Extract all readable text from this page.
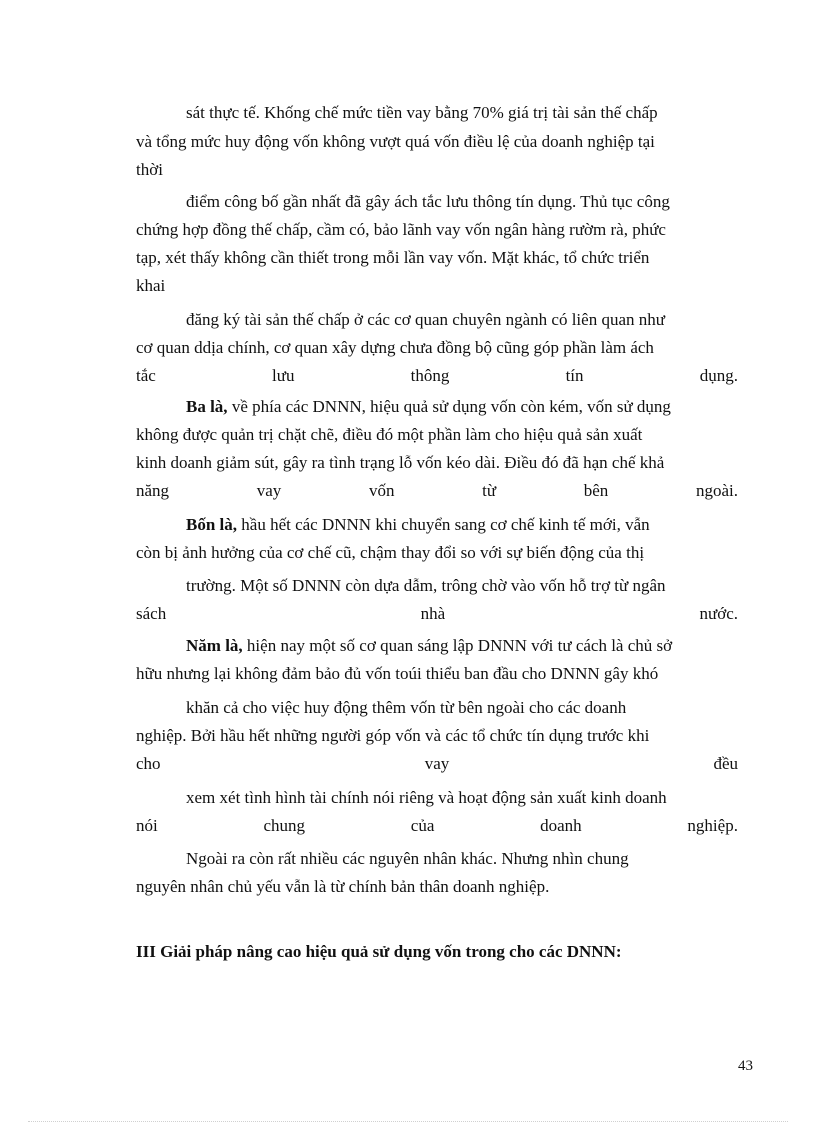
sát thực tế. Khống chế mức tiền vay bằng 70% giá trị tài sản thế chấp
và tổng mức huy động vốn không vượt quá vốn điều lệ của doanh nghiệp tại
thời
điểm công bố gần nhất đã gây ách tắc lưu thông tín dụng. Thủ tục công
chứng hợp đồng thế chấp, cầm có, bảo lãnh vay vốn ngân hàng rườm rà, phức
tạp, xét thấy không cần thiết trong mỗi lần vay vốn. Mặt khác, tổ chức triển
khai
đăng ký tài sản thế chấp ở các cơ quan chuyên ngành có liên quan như
cơ quan ddịa chính, cơ quan xây dựng chưa đồng bộ cũng góp phần làm ách
tắc	lưu	thông	tín	dụng.
Ba là, về phía các DNNN, hiệu quả sử dụng vốn còn kém, vốn sử dụng
không được quản trị chặt chẽ, điều đó một phần làm cho hiệu quả sản xuất
kinh doanh giảm sút, gây ra tình trạng lỗ vốn kéo dài. Điều đó đã hạn chế khả
năng	vay	vốn	từ	bên	ngoài.
Bốn là, hầu hết các DNNN khi chuyển sang cơ chế kinh tế mới, vẫn
còn bị ảnh hưởng của cơ chế cũ, chậm thay đổi so với sự biến động của thị
trường. Một số DNNN còn dựa dẫm, trông chờ vào vốn hỗ trợ từ ngân
sách	nhà	nước.
Năm là, hiện nay một số cơ quan sáng lập DNNN với tư cách là chủ sở
hữu nhưng lại không đảm bảo đủ vốn toúi thiểu ban đầu cho DNNN gây khó
khăn cả cho việc huy động thêm vốn từ bên ngoài cho các doanh
nghiệp. Bởi hầu hết những người góp vốn và các tổ chức tín dụng trước khi
cho	vay	đều
xem xét tình hình tài chính nói riêng và hoạt động sản xuất kinh doanh
nói	chung	của	doanh	nghiệp.
Ngoài ra còn rất nhiều các nguyên nhân khác. Nhưng nhìn chung
nguyên nhân chủ yếu vẫn là từ chính bản thân doanh nghiệp.
III Giải pháp nâng cao hiệu quả sử dụng vốn trong cho các DNNN:
43
